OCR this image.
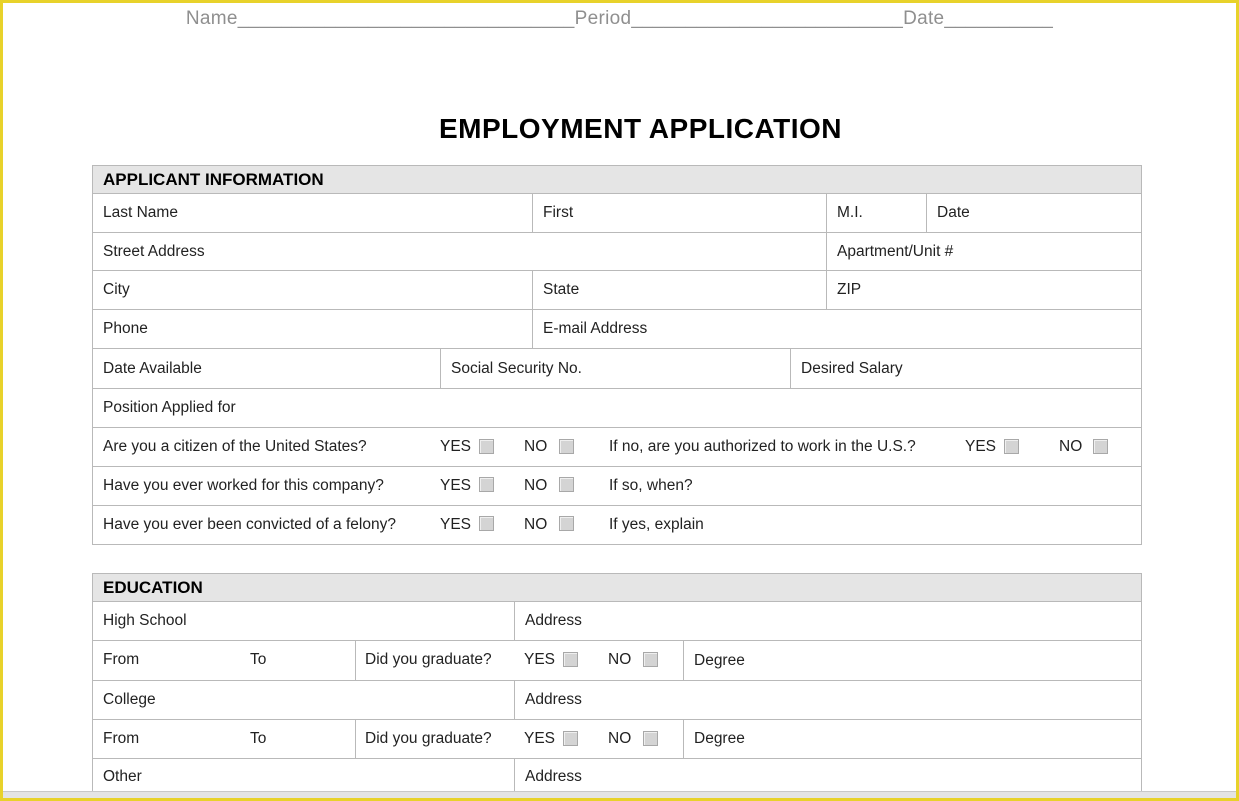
Name_______________________________Period_________________________Date__________
EMPLOYMENT APPLICATION
APPLICANT INFORMATION
Last Name	First	M.I.	Date
Street Address	Apartment/Unit #
City	State	ZIP
Phone	E-mail Address
Date Available	Social Security No.	Desired Salary
Position Applied for
Are you a citizen of the United States?	YES	NO	If no, are you authorized to work in the U.S.?	YES	NO
Have you ever worked for this company?	YES	NO	If so, when?
Have you ever been convicted of a felony?	YES	NO	If yes, explain
EDUCATION
High School	Address
From	To	Did you graduate? YES	NO	Degree
College	Address
From	To	Did you graduate? YES	NO	Degree
Other	Address
